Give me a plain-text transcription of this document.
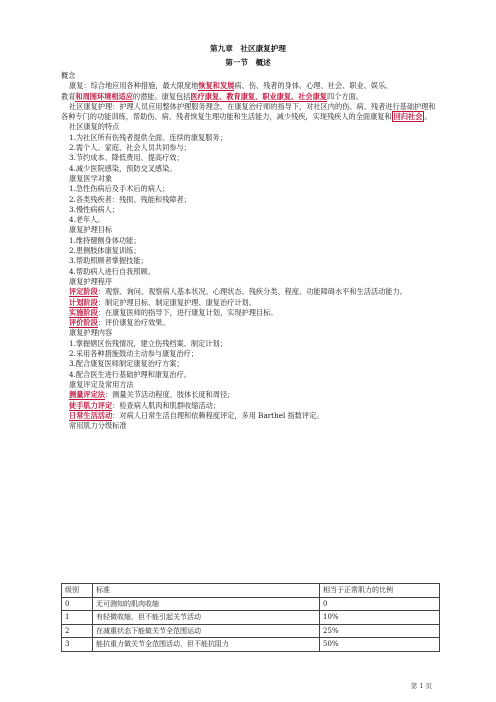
第九章　社区康复护理
第一节　概述
概念
康复：综合地应用各种措施，最大限度地恢复和发展病、伤、残者的身体、心理、社会、职业、娱乐、
教育和周围环境相适应的潜能。康复包括医疗康复、教育康复、职业康复、社会康复四个方面。
社区康复护理：护理人员应用整体护理服务理念，在康复治疗师的指导下，对社区内的伤、病、残者进行基础护理和各种专门的功能训练，帮助伤、病、残者恢复生理功能和生活能力，减少残疾，实现残疾人的全面康复和 回归社会 。
社区康复的特点
1.为社区所有伤残者提供全面、连续的康复服务；
2.需个人、家庭、社会人员共同参与；
3.节约成本、降低费用、提高疗效；
4.减少医院感染，预防交叉感染。
康复医学对象
1.急性伤病后及手术后的病人；
2.各类残疾者：残损、残能和残障者；
3.慢性病病人；
4.老年人。
康复护理目标
1.维持健侧身体功能；
2.患侧肢体康复训练；
3.帮助照顾者掌握技能；
4.帮助病人进行自我照顾。
康复护理程序
评定阶段：观察、询问、观察病人基本状况、心理状态、残疾分类、程度、功能障碍水平和生活活动能力。
计划阶段：制定护理目标、制定康复护理、康复治疗计划。
实施阶段：在康复医师的指导下，进行康复计划，实现护理目标。
评价阶段：评价康复治疗效果。
康复护理内容
1.掌握辖区伤残情况，建立伤残档案、制定计划；
2.采用各种措施鼓动主动参与康复治疗；
3.配合康复医师制定康复治疗方案；
4.配合医生进行基础护理和康复治疗。
康复评定及常用方法
测量评定法：测量关节活动程度、肢体长度和周径；
徒手肌力评定：检查病人肌肉和肌群收缩活动；
日常生活活动：对病人日常生活自理和依赖程度评定，多用 Barthel 指数评定。
常用肌力分级标准
级别	标准	相当于正常肌力的比例
0	无可测知的肌肉收缩	0
1	有轻微收缩，但不能引起关节活动	10%
2	在减重状态下能做关节全范围运动	25%
3	能抗重力做关节全范围活动，但不能抗阻力	50%
第 1 页
